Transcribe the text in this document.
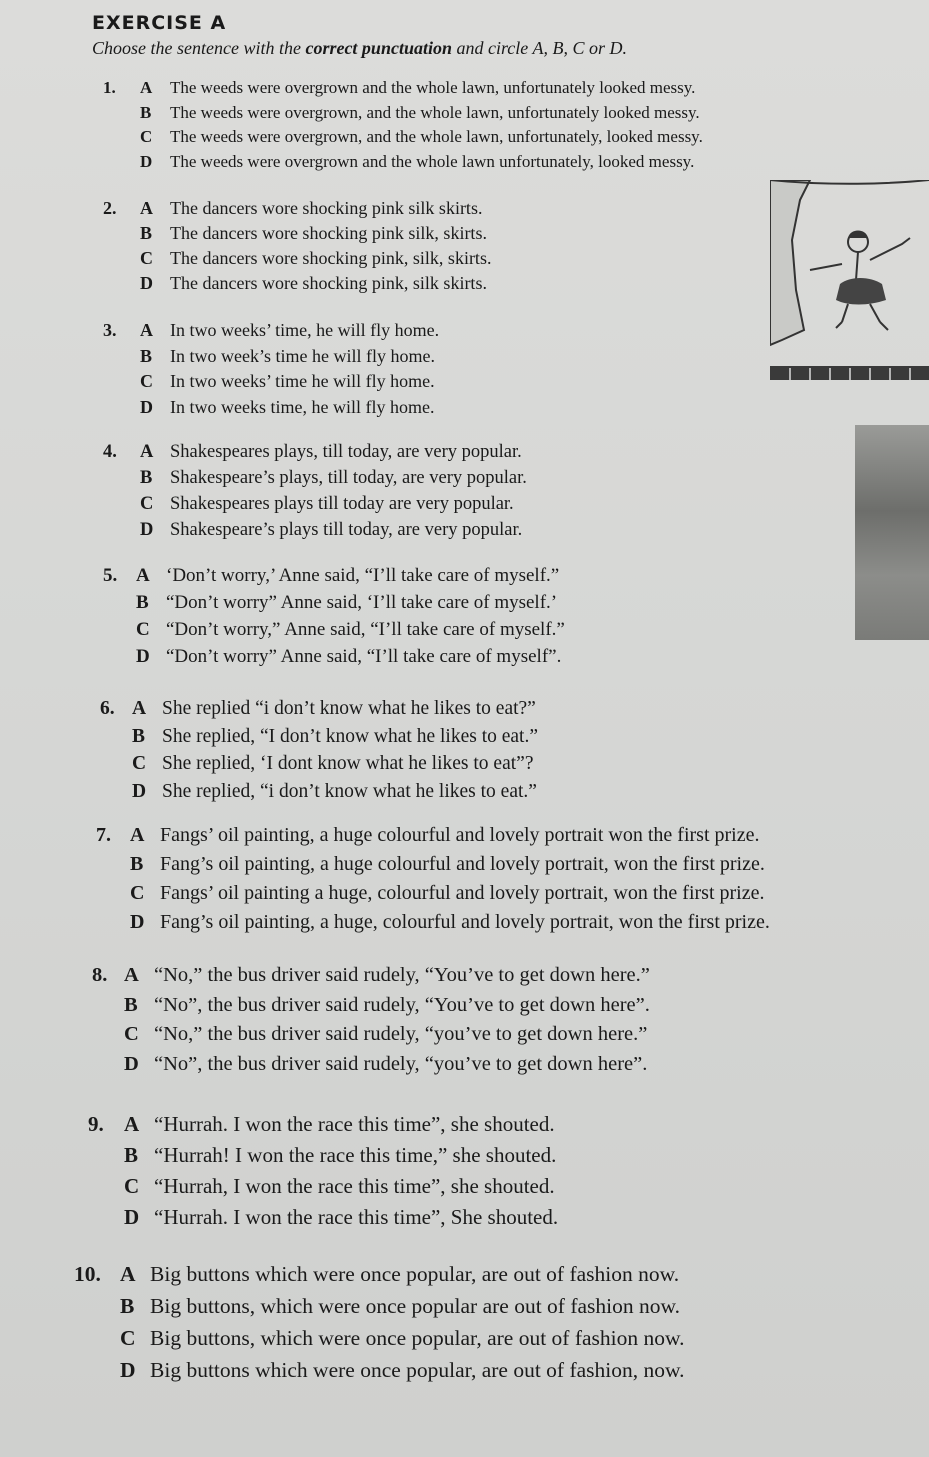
EXERCISE A
Choose the sentence with the correct punctuation and circle A, B, C or D.
1. A The weeds were overgrown and the whole lawn, unfortunately looked messy.
B The weeds were overgrown, and the whole lawn, unfortunately looked messy.
C The weeds were overgrown, and the whole lawn, unfortunately, looked messy.
D The weeds were overgrown and the whole lawn unfortunately, looked messy.
2. A The dancers wore shocking pink silk skirts.
B The dancers wore shocking pink silk, skirts.
C The dancers wore shocking pink, silk, skirts.
D The dancers wore shocking pink, silk skirts.
3. A In two weeks’ time, he will fly home.
B In two week’s time he will fly home.
C In two weeks’ time he will fly home.
D In two weeks time, he will fly home.
4. A Shakespeares plays, till today, are very popular.
B Shakespeare’s plays, till today, are very popular.
C Shakespeares plays till today are very popular.
D Shakespeare’s plays till today, are very popular.
5. A ‘Don’t worry,’ Anne said, “I’ll take care of myself.”
B “Don’t worry” Anne said, ‘I’ll take care of myself.’
C “Don’t worry,” Anne said, “I’ll take care of myself.”
D “Don’t worry” Anne said, “I’ll take care of myself”.
6. A She replied “i don’t know what he likes to eat?”
B She replied, “I don’t know what he likes to eat.”
C She replied, ‘I dont know what he likes to eat”?
D She replied, “i don’t know what he likes to eat.”
7. A Fangs’ oil painting, a huge colourful and lovely portrait won the first prize.
B Fang’s oil painting, a huge colourful and lovely portrait, won the first prize.
C Fangs’ oil painting a huge, colourful and lovely portrait, won the first prize.
D Fang’s oil painting, a huge, colourful and lovely portrait, won the first prize.
8. A “No,” the bus driver said rudely, “You’ve to get down here.”
B “No”, the bus driver said rudely, “You’ve to get down here”.
C “No,” the bus driver said rudely, “you’ve to get down here.”
D “No”, the bus driver said rudely, “you’ve to get down here”.
9. A “Hurrah. I won the race this time”, she shouted.
B “Hurrah! I won the race this time,” she shouted.
C “Hurrah, I won the race this time”, she shouted.
D “Hurrah. I won the race this time”, She shouted.
10. A Big buttons which were once popular, are out of fashion now.
B Big buttons, which were once popular are out of fashion now.
C Big buttons, which were once popular, are out of fashion now.
D Big buttons which were once popular, are out of fashion, now.
